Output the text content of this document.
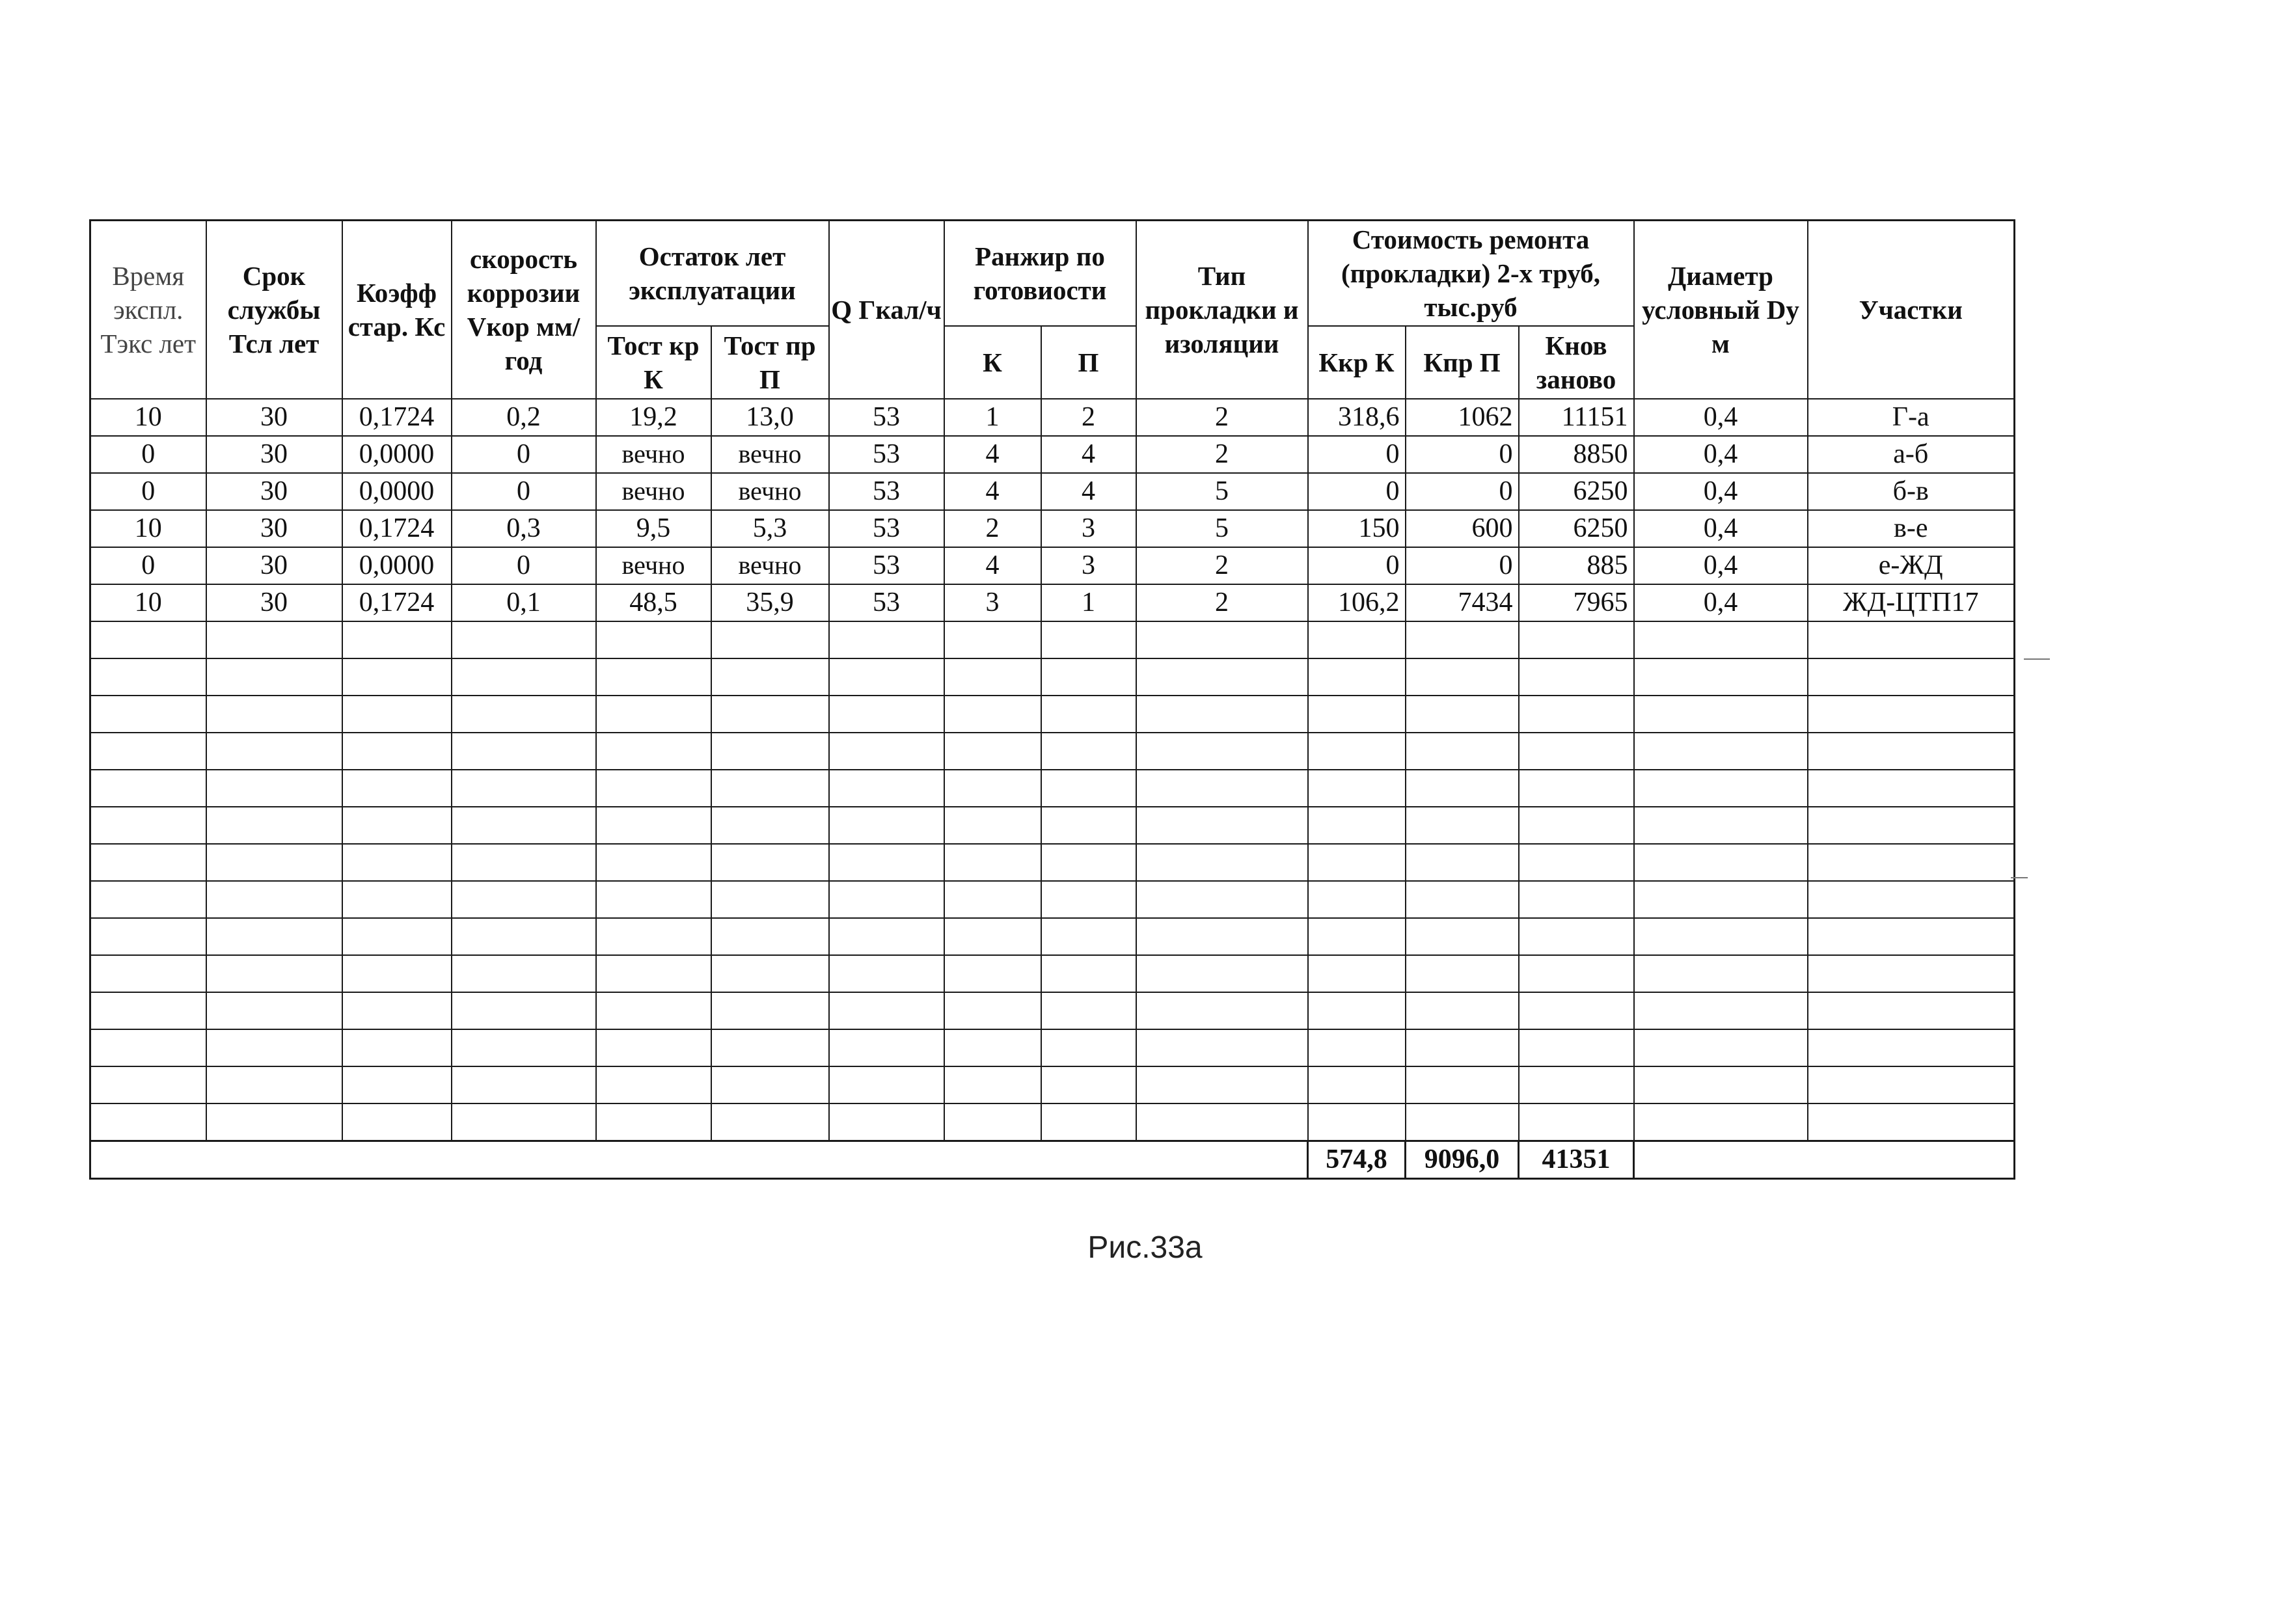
Время экспл. Тэкс лет	Срок службы Тсл лет	Коэфф стар. Кс	скорость коррозии Vкор мм/год	Остаток лет эксплуатации		Q Гкал/ч	Ранжир по готовиости		Тип прокладки и изоляции	Стоимость ремонта (прокладки) 2-х труб, тыс.руб			Диаметр условный Dy м	Участки
				Тост кр К	Тост пр П		К	П		Ккр К	Кпр П	Кнов заново		
10	30	0,1724	0,2	19,2	13,0	53	1	2	2	318,6	1062	11151	0,4	Г-а
0	30	0,0000	0	вечно	вечно	53	4	4	2	0	0	8850	0,4	а-б
0	30	0,0000	0	вечно	вечно	53	4	4	5	0	0	6250	0,4	б-в
10	30	0,1724	0,3	9,5	5,3	53	2	3	5	150	600	6250	0,4	в-е
0	30	0,0000	0	вечно	вечно	53	4	3	2	0	0	885	0,4	е-ЖД
10	30	0,1724	0,1	48,5	35,9	53	3	1	2	106,2	7434	7965	0,4	ЖД-ЦТП17

										574,8	9096,0	41351		
Рис.33а
